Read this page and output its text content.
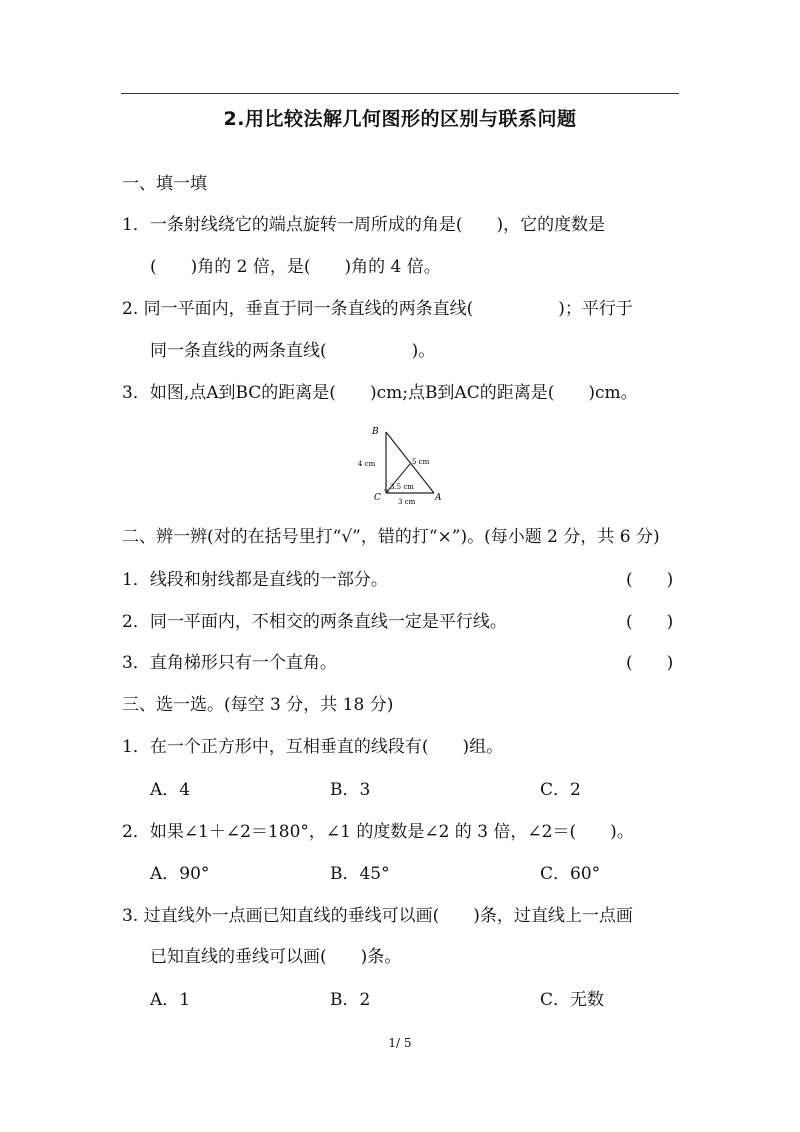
2.用比较法解几何图形的区别与联系问题
一、填一填
1．一条射线绕它的端点旋转一周所成的角是(　　)，它的度数是
(　　)角的 2 倍，是(　　)角的 4 倍。
2. 同一平面内，垂直于同一条直线的两条直线(　　　　　)；平行于
同一条直线的两条直线(　　　　　)。
3．如图,点A到BC的距离是(　　)cm;点B到AC的距离是(　　)cm。
B
C	A
4 cm	5 cm
3.5 cm
3 cm
二、辨一辨(对的在括号里打“√”，错的打“×”)。(每小题 2 分，共 6 分)
1．线段和射线都是直线的一部分。	(　　)
2．同一平面内，不相交的两条直线一定是平行线。	(　　)
3．直角梯形只有一个直角。	(　　)
三、选一选。(每空 3 分，共 18 分)
1．在一个正方形中，互相垂直的线段有(　　)组。
A．4	B．3	C．2
2．如果∠1＋∠2＝180°，∠1 的度数是∠2 的 3 倍，∠2＝(　　)。
A．90°	B．45°	C．60°
3. 过直线外一点画已知直线的垂线可以画(　　)条，过直线上一点画
已知直线的垂线可以画(　　)条。
A．1	B．2	C．无数
1/ 5
